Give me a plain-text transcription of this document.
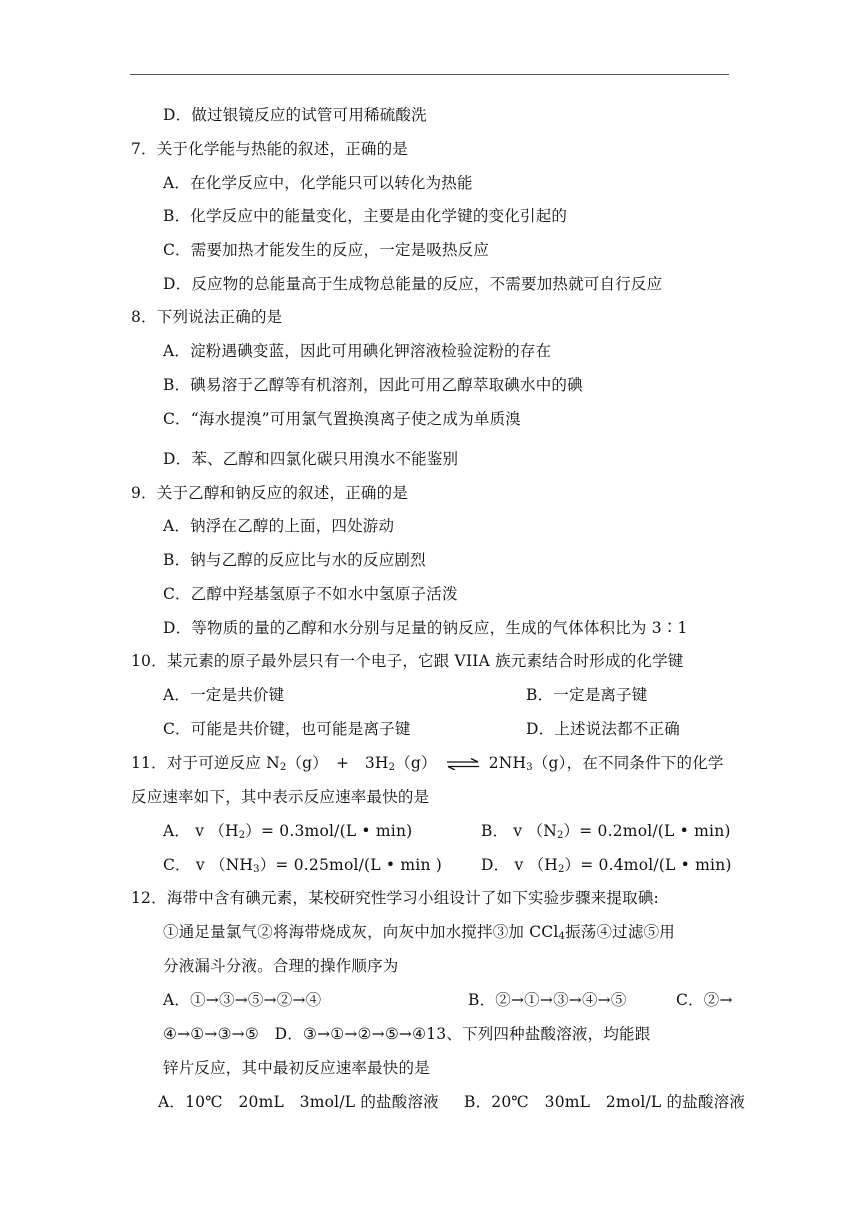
D．做过银镜反应的试管可用稀硫酸洗
7．关于化学能与热能的叙述，正确的是
A．在化学反应中，化学能只可以转化为热能
B．化学反应中的能量变化，主要是由化学键的变化引起的
C．需要加热才能发生的反应，一定是吸热反应
D．反应物的总能量高于生成物总能量的反应，不需要加热就可自行反应
8．下列说法正确的是
A．淀粉遇碘变蓝，因此可用碘化钾溶液检验淀粉的存在
B．碘易溶于乙醇等有机溶剂，因此可用乙醇萃取碘水中的碘
C．“海水提溴”可用氯气置换溴离子使之成为单质溴
D．苯、乙醇和四氯化碳只用溴水不能鉴别
9．关于乙醇和钠反应的叙述，正确的是
A．钠浮在乙醇的上面，四处游动
B．钠与乙醇的反应比与水的反应剧烈
C．乙醇中羟基氢原子不如水中氢原子活泼
D．等物质的量的乙醇和水分别与足量的钠反应，生成的气体体积比为 3∶1
10．某元素的原子最外层只有一个电子，它跟 VIIA 族元素结合时形成的化学键
A．一定是共价键	B．一定是离子键
C．可能是共价键，也可能是离子键	D．上述说法都不正确
11．对于可逆反应 $N_2(g)$　+　$3H_2(g)$ ⇌ $2NH_3(g)$，在不同条件下的化学
反应速率如下，其中表示反应速率最快的是
A． v $(H_2)= 0.3mol/(L$ • min)	B． v $(N_2)= 0.2mol/(L$ • min)
C． v $(NH_3)= 0.25mol/(L$ • min )	D． v $(H_2)= 0.4mol/(L$ • min)
12．海带中含有碘元素，某校研究性学习小组设计了如下实验步骤来提取碘:
①通足量氯气②将海带烧成灰，向灰中加水搅拌③加 CCl$_4$振荡④过滤⑤用
分液漏斗分液。合理的操作顺序为
A．①→③→⑤→②→④	B．②→①→③→④→⑤	C．②→
④→①→③→⑤　D．③→①→②→⑤→④13、下列四种盐酸溶液，均能跟
锌片反应，其中最初反应速率最快的是
A．10℃　20mL　3mol/L 的盐酸溶液 B．20℃　30mL　2mol/L 的盐酸溶液
